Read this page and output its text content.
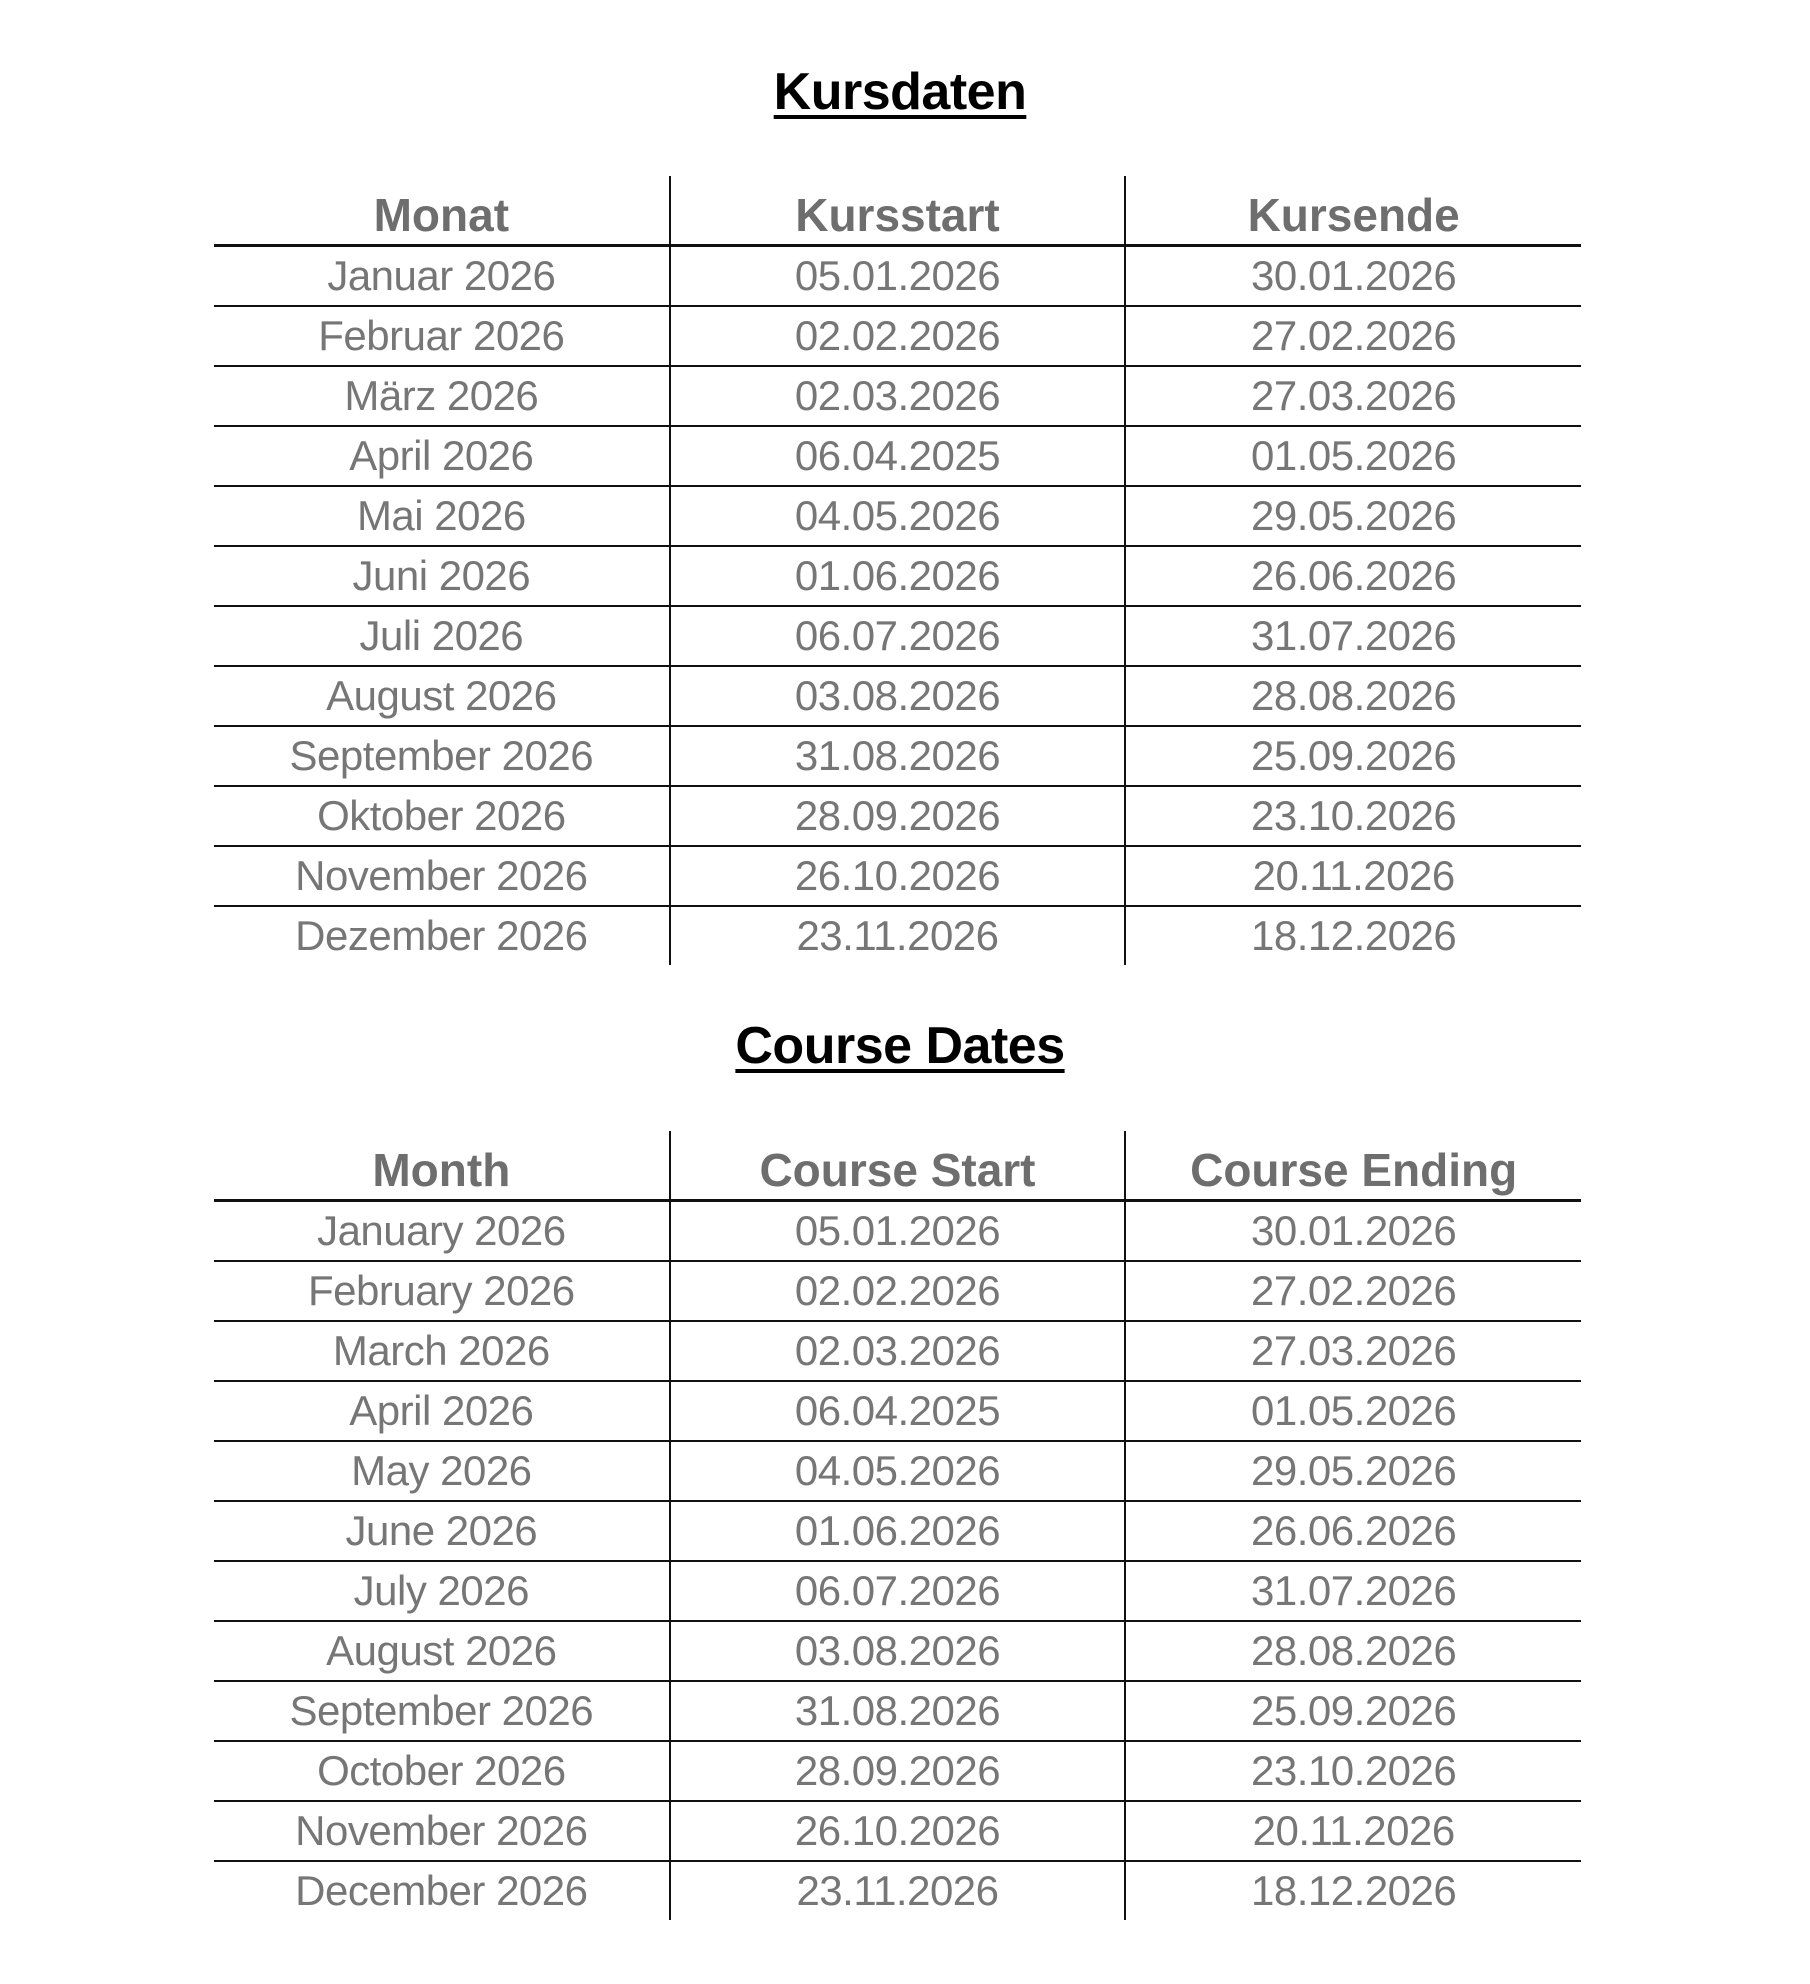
Kursdaten
Monat	Kursstart	Kursende
Januar 2026	05.01.2026	30.01.2026
Februar 2026	02.02.2026	27.02.2026
März 2026	02.03.2026	27.03.2026
April 2026	06.04.2025	01.05.2026
Mai 2026	04.05.2026	29.05.2026
Juni 2026	01.06.2026	26.06.2026
Juli 2026	06.07.2026	31.07.2026
August 2026	03.08.2026	28.08.2026
September 2026	31.08.2026	25.09.2026
Oktober 2026	28.09.2026	23.10.2026
November 2026	26.10.2026	20.11.2026
Dezember 2026	23.11.2026	18.12.2026
Course Dates
Month	Course Start	Course Ending
January 2026	05.01.2026	30.01.2026
February 2026	02.02.2026	27.02.2026
March 2026	02.03.2026	27.03.2026
April 2026	06.04.2025	01.05.2026
May 2026	04.05.2026	29.05.2026
June 2026	01.06.2026	26.06.2026
July 2026	06.07.2026	31.07.2026
August 2026	03.08.2026	28.08.2026
September 2026	31.08.2026	25.09.2026
October 2026	28.09.2026	23.10.2026
November 2026	26.10.2026	20.11.2026
December 2026	23.11.2026	18.12.2026
